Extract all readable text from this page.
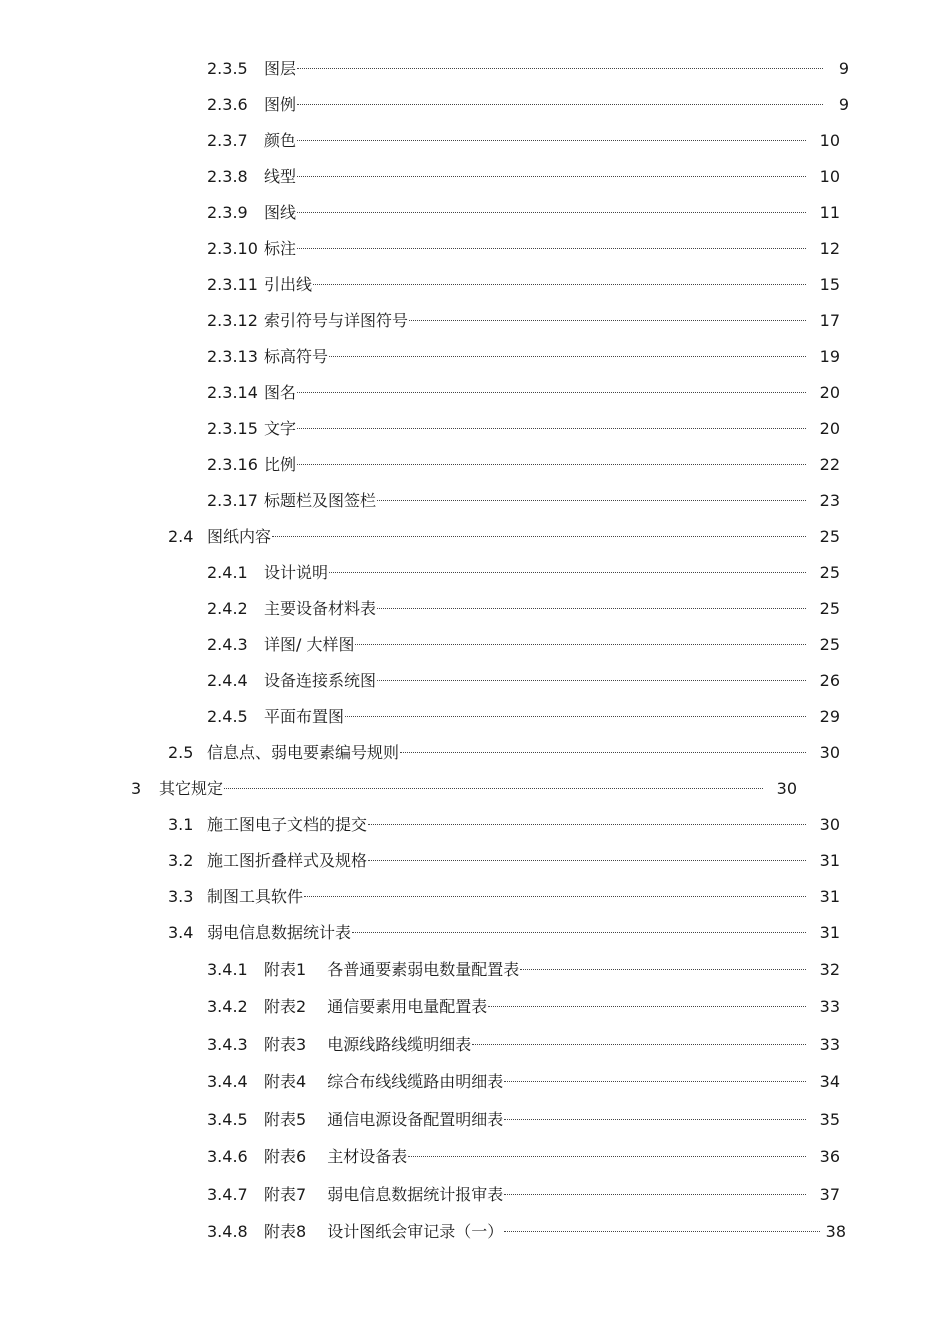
2.3.5	图层	9
2.3.6	图例	9
2.3.7	颜色	10
2.3.8	线型	10
2.3.9	图线	11
2.3.10 标注	12
2.3.11 引出线	15
2.3.12 索引符号与详图符号	17
2.3.13 标高符号	19
2.3.14 图名	20
2.3.15 文字	20
2.3.16 比例	22
2.3.17 标题栏及图签栏	23
2.4 图纸内容	25
2.4.1	设计说明	25
2.4.2	主要设备材料表	25
2.4.3	详图/ 大样图	25
2.4.4	设备连接系统图	26
2.4.5	平面布置图	29
2.5 信息点、弱电要素编号规则	30
3	其它规定	30
3.1 施工图电子文档的提交	30
3.2 施工图折叠样式及规格	31
3.3 制图工具软件	31
3.4 弱电信息数据统计表	31
3.4.1	附表1 　各普通要素弱电数量配置表	32
3.4.2	附表2 　通信要素用电量配置表	33
3.4.3	附表3 　电源线路线缆明细表	33
3.4.4	附表4 　综合布线线缆路由明细表	34
3.4.5	附表5 　通信电源设备配置明细表	35
3.4.6	附表6 　主材设备表	36
3.4.7	附表7 　弱电信息数据统计报审表	37
3.4.8	附表8 　设计图纸会审记录（一）	38
